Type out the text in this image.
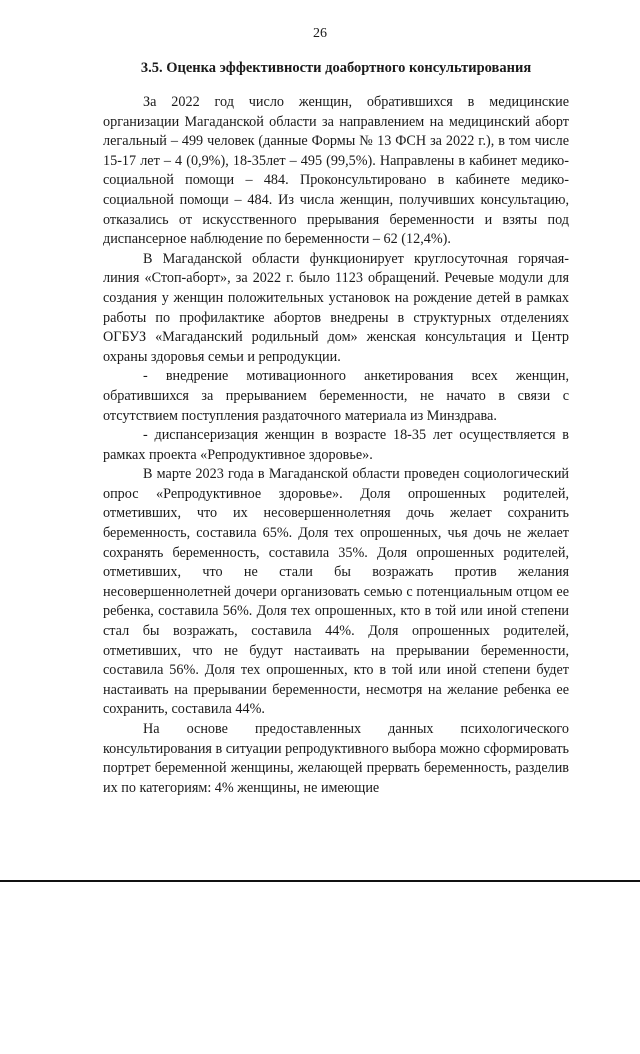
26
3.5. Оценка эффективности доабортного консультирования

За 2022 год число женщин, обратившихся в медицинские организации Магаданской области за направлением на медицинский аборт легальный – 499 человек (данные Формы № 13 ФСН за 2022 г.), в том числе 15-17 лет – 4 (0,9%), 18-35лет – 495 (99,5%). Направлены в кабинет медико-социальной помощи – 484. Проконсультировано в кабинете медико-социальной помощи – 484. Из числа женщин, получивших консультацию, отказались от искусственного прерывания беременности и взяты под диспансерное наблюдение по беременности – 62 (12,4%).

В Магаданской области функционирует круглосуточная горячая-линия «Стоп-аборт», за 2022 г. было 1123 обращений. Речевые модули для создания у женщин положительных установок на рождение детей в рамках работы по профилактике абортов внедрены в структурных отделениях ОГБУЗ «Магаданский родильный дом» женская консультация и Центр охраны здоровья семьи и репродукции.

- внедрение мотивационного анкетирования всех женщин, обратившихся за прерыванием беременности, не начато в связи с отсутствием поступления раздаточного материала из Минздрава.

- диспансеризация женщин в возрасте 18-35 лет осуществляется в рамках проекта «Репродуктивное здоровье».

В марте 2023 года в Магаданской области проведен социологический опрос «Репродуктивное здоровье». Доля опрошенных родителей, отметивших, что их несовершеннолетняя дочь желает сохранить беременность, составила 65%. Доля тех опрошенных, чья дочь не желает сохранять беременность, составила 35%. Доля опрошенных родителей, отметивших, что не стали бы возражать против желания несовершеннолетней дочери организовать семью с потенциальным отцом ее ребенка, составила 56%. Доля тех опрошенных, кто в той или иной степени стал бы возражать, составила 44%. Доля опрошенных родителей, отметивших, что не будут настаивать на прерывании беременности, составила 56%. Доля тех опрошенных, кто в той или иной степени будет настаивать на прерывании беременности, несмотря на желание ребенка ее сохранить, составила 44%.

На основе предоставленных данных психологического консультирования в ситуации репродуктивного выбора можно сформировать портрет беременной женщины, желающей прервать беременность, разделив их по категориям: 4% женщины, не имеющие
